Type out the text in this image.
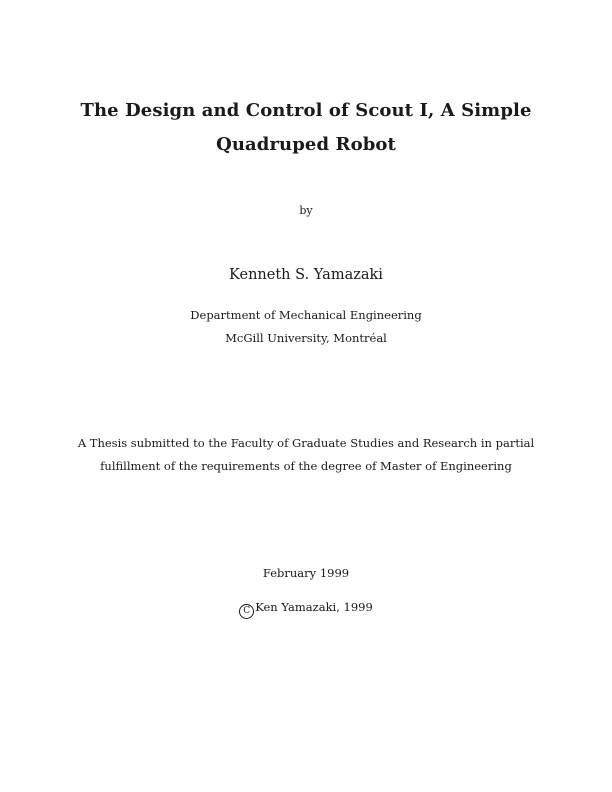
The Design and Control of Scout I, A Simple
Quadruped Robot
by
Kenneth S. Yamazaki
Department of Mechanical Engineering
McGill University, Montréal
A Thesis submitted to the Faculty of Graduate Studies and Research in partial
fulfillment of the requirements of the degree of Master of Engineering
February 1999
C Ken Yamazaki, 1999
